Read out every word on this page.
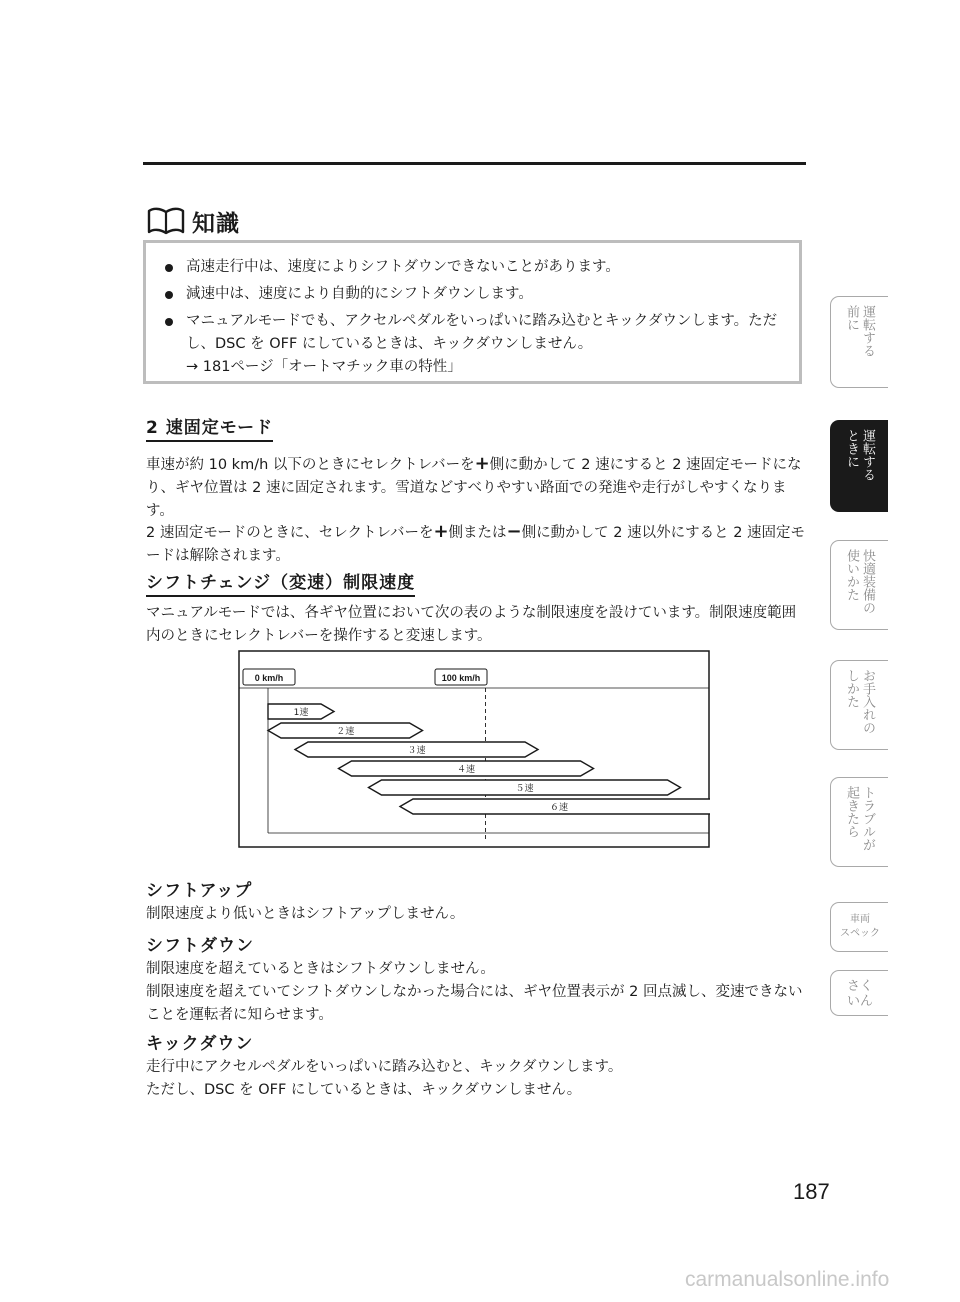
知識
高速走行中は、速度によりシフトダウンできないことがあります。
減速中は、速度により自動的にシフトダウンします。
マニュアルモードでも、アクセルペダルをいっぱいに踏み込むとキックダウンします。ただし、DSC を OFF にしているときは、キックダウンしません。
→ 181ページ「オートマチック車の特性」
2 速固定モード
車速が約 10 km/h 以下のときにセレクトレバーを+側に動かして 2 速にすると 2 速固定モードになり、ギヤ位置は 2 速に固定されます。雪道などすべりやすい路面での発進や走行がしやすくなります。
2 速固定モードのときに、セレクトレバーを+側または−側に動かして 2 速以外にすると 2 速固定モードは解除されます。
シフトチェンジ（変速）制限速度
マニュアルモードでは、各ギヤ位置において次の表のような制限速度を設けています。制限速度範囲内のときにセレクトレバーを操作すると変速します。
0 km/h	100 km/h
1速
２速
３速
４速
５速
６速
シフトアップ
制限速度より低いときはシフトアップしません。
シフトダウン
制限速度を超えているときはシフトダウンしません。
制限速度を超えていてシフトダウンしなかった場合には、ギヤ位置表示が 2 回点滅し、変速できないことを運転者に知らせます。
キックダウン
走行中にアクセルペダルをいっぱいに踏み込むと、キックダウンします。
ただし、DSC を OFF にしているときは、キックダウンしません。
運転する
前に
運転する
ときに
快適装備の
使いかた
お手入れの
しかた
トラブルが
起きたら
車両
スペック
さく
いん
187
carmanualsonline.info
